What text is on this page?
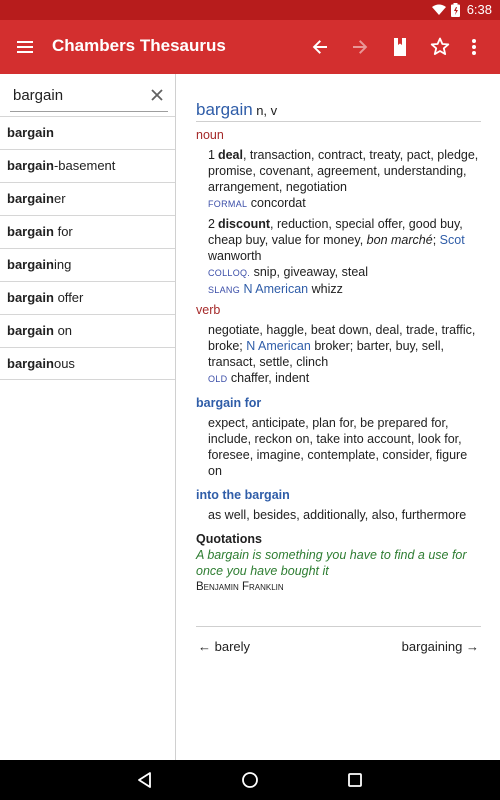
6:38
Chambers Thesaurus
bargain
bargain
bargain-basement
bargainer
bargain for
bargaining
bargain offer
bargain on
bargainous
bargain n, v
noun
1 deal, transaction, contract, treaty, pact, pledge, promise, covenant, agreement, understanding, arrangement, negotiation
FORMAL concordat
2 discount, reduction, special offer, good buy, cheap buy, value for money, bon marché; Scot wanworth
COLLOQ. snip, giveaway, steal
SLANG N American whizz
verb
negotiate, haggle, beat down, deal, trade, traffic, broke; N American broker; barter, buy, sell, transact, settle, clinch
OLD chaffer, indent
bargain for
expect, anticipate, plan for, be prepared for, include, reckon on, take into account, look for, foresee, imagine, contemplate, consider, figure on
into the bargain
as well, besides, additionally, also, furthermore
Quotations
A bargain is something you have to find a use for once you have bought it
Benjamin Franklin
← barely	bargaining →
